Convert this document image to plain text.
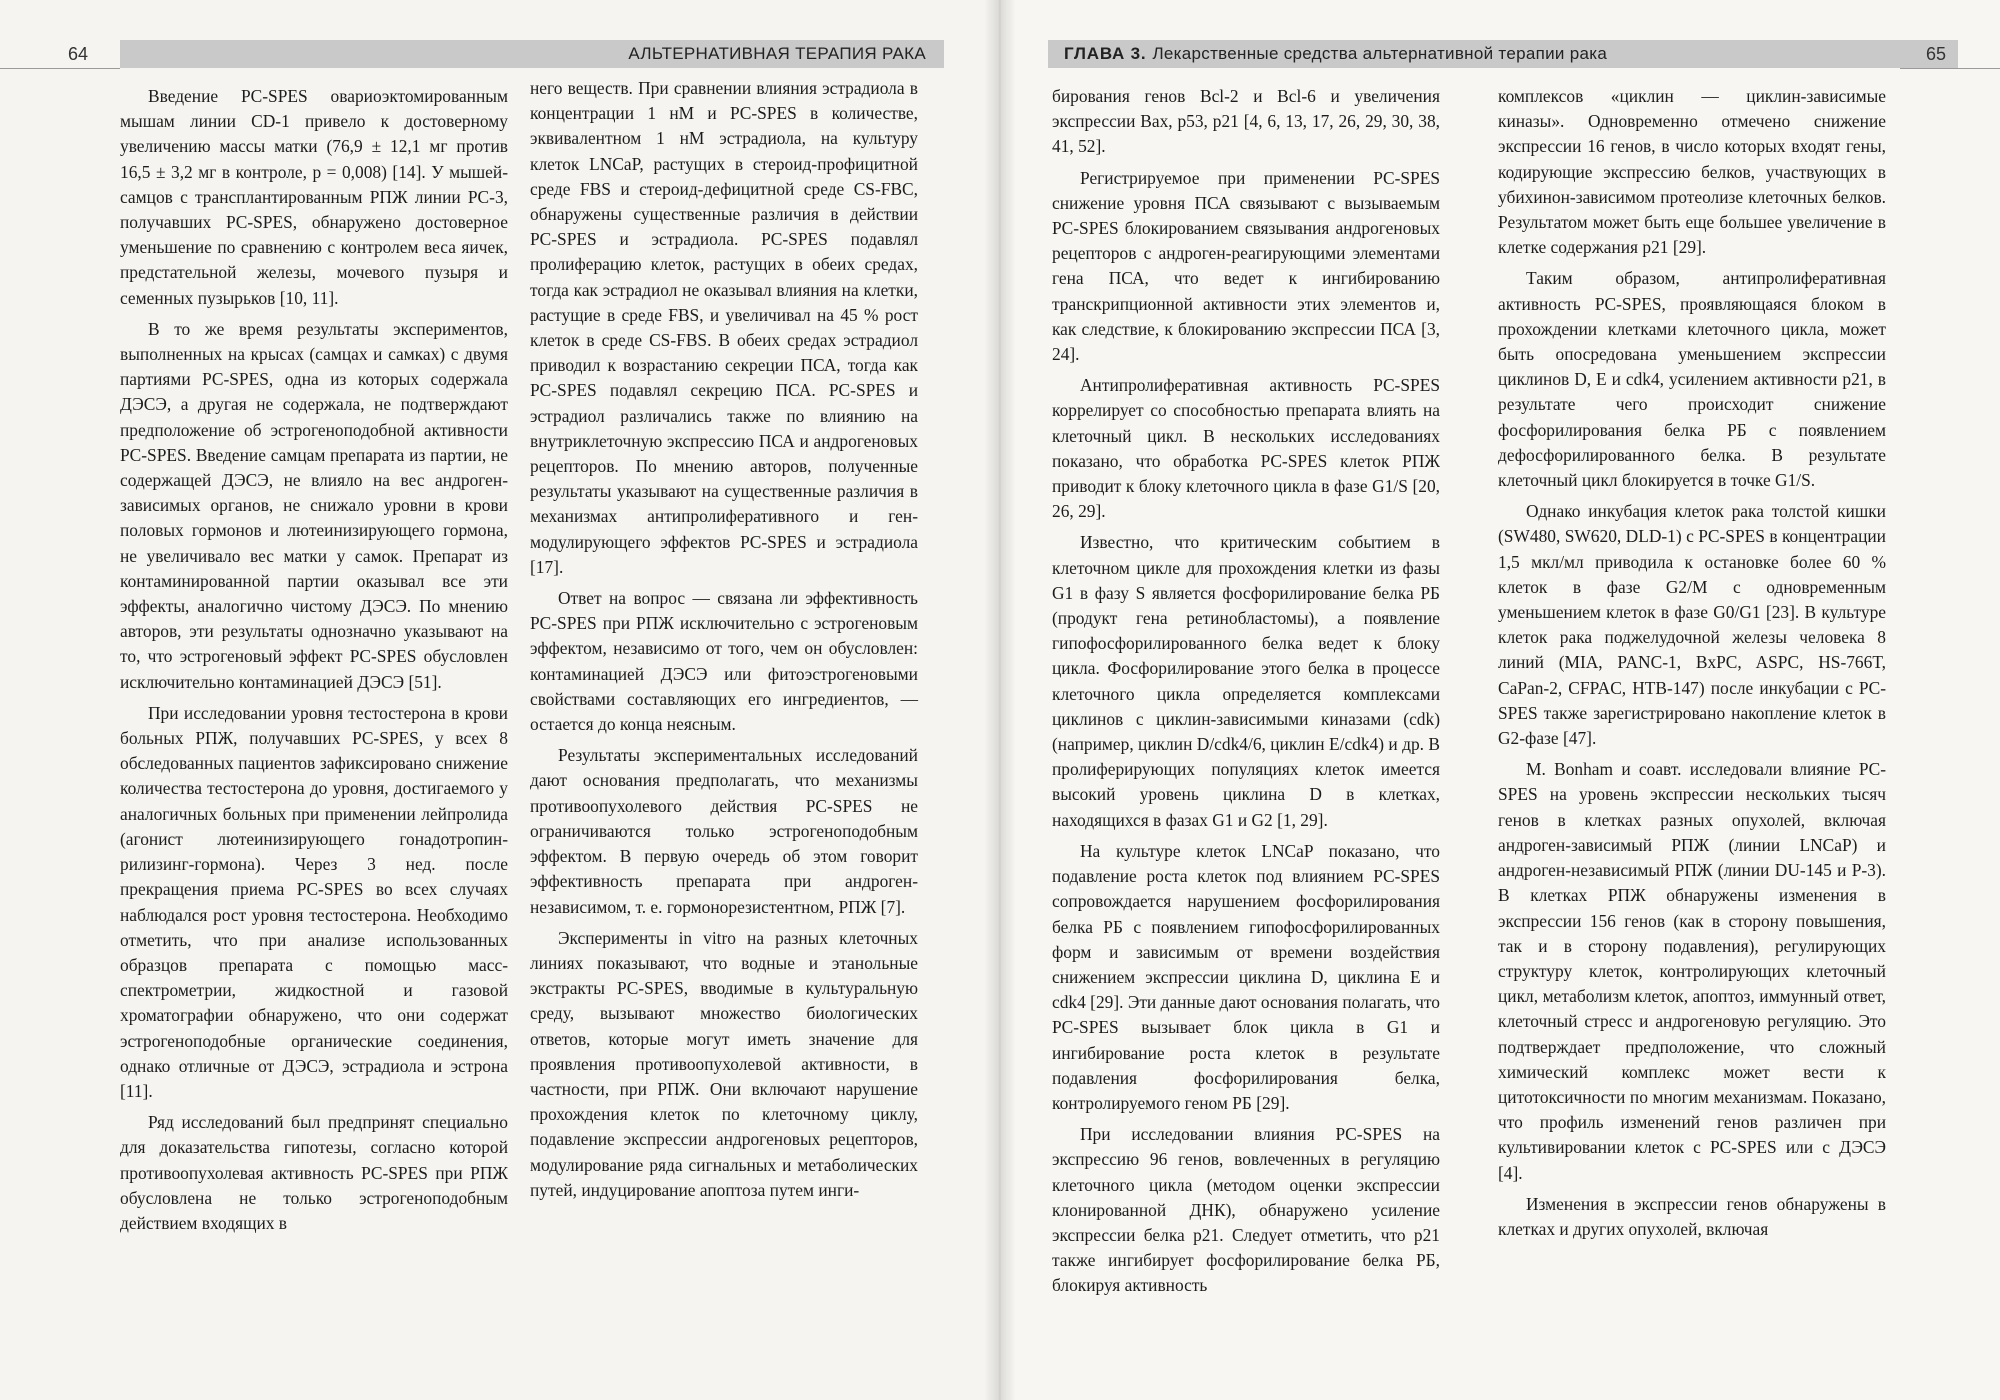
64	АЛЬТЕРНАТИВНАЯ ТЕРАПИЯ РАКА

Введение PC-SPES овариоэктомированным мышам линии CD-1 привело к достоверному увеличению массы матки (76,9 ± 12,1 мг против 16,5 ± 3,2 мг в контроле, p = 0,008) [14]. У мышей-самцов с трансплантированным РПЖ линии PC-3, получавших PC-SPES, обнаружено достоверное уменьшение по сравнению с контролем веса яичек, предстательной железы, мочевого пузыря и семенных пузырьков [10, 11].

В то же время результаты экспериментов, выполненных на крысах (самцах и самках) с двумя партиями PC-SPES, одна из которых содержала ДЭСЭ, а другая не содержала, не подтверждают предположение об эстрогеноподобной активности PC-SPES. Введение самцам препарата из партии, не содержащей ДЭСЭ, не влияло на вес андроген-зависимых органов, не снижало уровни в крови половых гормонов и лютеинизирующего гормона, не увеличивало вес матки у самок. Препарат из контаминированной партии оказывал все эти эффекты, аналогично чистому ДЭСЭ. По мнению авторов, эти результаты однозначно указывают на то, что эстрогеновый эффект PC-SPES обусловлен исключительно контаминацией ДЭСЭ [51].

При исследовании уровня тестостерона в крови больных РПЖ, получавших PC-SPES, у всех 8 обследованных пациентов зафиксировано снижение количества тестостерона до уровня, достигаемого у аналогичных больных при применении лейпролида (агонист лютеинизирующего гонадотропин-рилизинг-гормона). Через 3 нед. после прекращения приема PC-SPES во всех случаях наблюдался рост уровня тестостерона. Необходимо отметить, что при анализе использованных образцов препарата с помощью масс-спектрометрии, жидкостной и газовой хроматографии обнаружено, что они содержат эстрогеноподобные органические соединения, однако отличные от ДЭСЭ, эстрадиола и эстрона [11].

Ряд исследований был предпринят специально для доказательства гипотезы, согласно которой противоопухолевая активность PC-SPES при РПЖ обусловлена не только эстрогеноподобным действием входящих в

него веществ. При сравнении влияния эстрадиола в концентрации 1 нМ и PC-SPES в количестве, эквивалентном 1 нМ эстрадиола, на культуру клеток LNCaP, растущих в стероид-профицитной среде FBS и стероид-дефицитной среде CS-FBC, обнаружены существенные различия в действии PC-SPES и эстрадиола. PC-SPES подавлял пролиферацию клеток, растущих в обеих средах, тогда как эстрадиол не оказывал влияния на клетки, растущие в среде FBS, и увеличивал на 45 % рост клеток в среде CS-FBS. В обеих средах эстрадиол приводил к возрастанию секреции ПСА, тогда как PC-SPES подавлял секрецию ПСА. PC-SPES и эстрадиол различались также по влиянию на внутриклеточную экспрессию ПСА и андрогеновых рецепторов. По мнению авторов, полученные результаты указывают на существенные различия в механизмах антипролиферативного и ген-модулирующего эффектов PC-SPES и эстрадиола [17].

Ответ на вопрос — связана ли эффективность PC-SPES при РПЖ исключительно с эстрогеновым эффектом, независимо от того, чем он обусловлен: контаминацией ДЭСЭ или фитоэстрогеновыми свойствами составляющих его ингредиентов, — остается до конца неясным.

Результаты экспериментальных исследований дают основания предполагать, что механизмы противоопухолевого действия PC-SPES не ограничиваются только эстрогеноподобным эффектом. В первую очередь об этом говорит эффективность препарата при андроген-независимом, т. е. гормонорезистентном, РПЖ [7].

Эксперименты in vitro на разных клеточных линиях показывают, что водные и этанольные экстракты PC-SPES, вводимые в культуральную среду, вызывают множество биологических ответов, которые могут иметь значение для проявления противоопухолевой активности, в частности, при РПЖ. Они включают нарушение прохождения клеток по клеточному циклу, подавление экспрессии андрогеновых рецепторов, модулирование ряда сигнальных и метаболических путей, индуцирование апоптоза путем инги-

ГЛАВА 3. Лекарственные средства альтернативной терапии рака	65

бирования генов Bcl-2 и Bcl-6 и увеличения экспрессии Bax, p53, p21 [4, 6, 13, 17, 26, 29, 30, 38, 41, 52].

Регистрируемое при применении PC-SPES снижение уровня ПСА связывают с вызываемым PC-SPES блокированием связывания андрогеновых рецепторов с андроген-реагирующими элементами гена ПСА, что ведет к ингибированию транскрипционной активности этих элементов и, как следствие, к блокированию экспрессии ПСА [3, 24].

Антипролиферативная активность PC-SPES коррелирует со способностью препарата влиять на клеточный цикл. В нескольких исследованиях показано, что обработка PC-SPES клеток РПЖ приводит к блоку клеточного цикла в фазе G1/S [20, 26, 29].

Известно, что критическим событием в клеточном цикле для прохождения клетки из фазы G1 в фазу S является фосфорилирование белка РБ (продукт гена ретинобластомы), а появление гипофосфорилированного белка ведет к блоку цикла. Фосфорилирование этого белка в процессе клеточного цикла определяется комплексами циклинов с циклин-зависимыми киназами (cdk) (например, циклин D/cdk4/6, циклин E/cdk4) и др. В пролиферирующих популяциях клеток имеется высокий уровень циклина D в клетках, находящихся в фазах G1 и G2 [1, 29].

На культуре клеток LNCaP показано, что подавление роста клеток под влиянием PC-SPES сопровождается нарушением фосфорилирования белка РБ с появлением гипофосфорилированных форм и зависимым от времени воздействия снижением экспрессии циклина D, циклина E и cdk4 [29]. Эти данные дают основания полагать, что PC-SPES вызывает блок цикла в G1 и ингибирование роста клеток в результате подавления фосфорилирования белка, контролируемого геном РБ [29].

При исследовании влияния PC-SPES на экспрессию 96 генов, вовлеченных в регуляцию клеточного цикла (методом оценки экспрессии клонированной ДНК), обнаружено усиление экспрессии белка p21. Следует отметить, что p21 также ингибирует фосфорилирование белка РБ, блокируя активность

комплексов «циклин — циклин-зависимые киназы». Одновременно отмечено снижение экспрессии 16 генов, в число которых входят гены, кодирующие экспрессию белков, участвующих в убихинон-зависимом протеолизе клеточных белков. Результатом может быть еще большее увеличение в клетке содержания p21 [29].

Таким образом, антипролиферативная активность PC-SPES, проявляющаяся блоком в прохождении клетками клеточного цикла, может быть опосредована уменьшением экспрессии циклинов D, E и cdk4, усилением активности p21, в результате чего происходит снижение фосфорилирования белка РБ с появлением дефосфорилированного белка. В результате клеточный цикл блокируется в точке G1/S.

Однако инкубация клеток рака толстой кишки (SW480, SW620, DLD-1) с PC-SPES в концентрации 1,5 мкл/мл приводила к остановке более 60 % клеток в фазе G2/M с одновременным уменьшением клеток в фазе G0/G1 [23]. В культуре клеток рака поджелудочной железы человека 8 линий (MIA, PANC-1, BxPC, ASPC, HS-766T, CaPan-2, CFPAC, HTB-147) после инкубации с PC-SPES также зарегистрировано накопление клеток в G2-фазе [47].

M. Bonham и соавт. исследовали влияние PC-SPES на уровень экспрессии нескольких тысяч генов в клетках разных опухолей, включая андроген-зависимый РПЖ (линии LNCaP) и андроген-независимый РПЖ (линии DU-145 и P-3). В клетках РПЖ обнаружены изменения в экспрессии 156 генов (как в сторону повышения, так и в сторону подавления), регулирующих структуру клеток, контролирующих клеточный цикл, метаболизм клеток, апоптоз, иммунный ответ, клеточный стресс и андрогеновую регуляцию. Это подтверждает предположение, что сложный химический комплекс может вести к цитотоксичности по многим механизмам. Показано, что профиль изменений генов различен при культивировании клеток с PC-SPES или с ДЭСЭ [4].

Изменения в экспрессии генов обнаружены в клетках и других опухолей, включая
